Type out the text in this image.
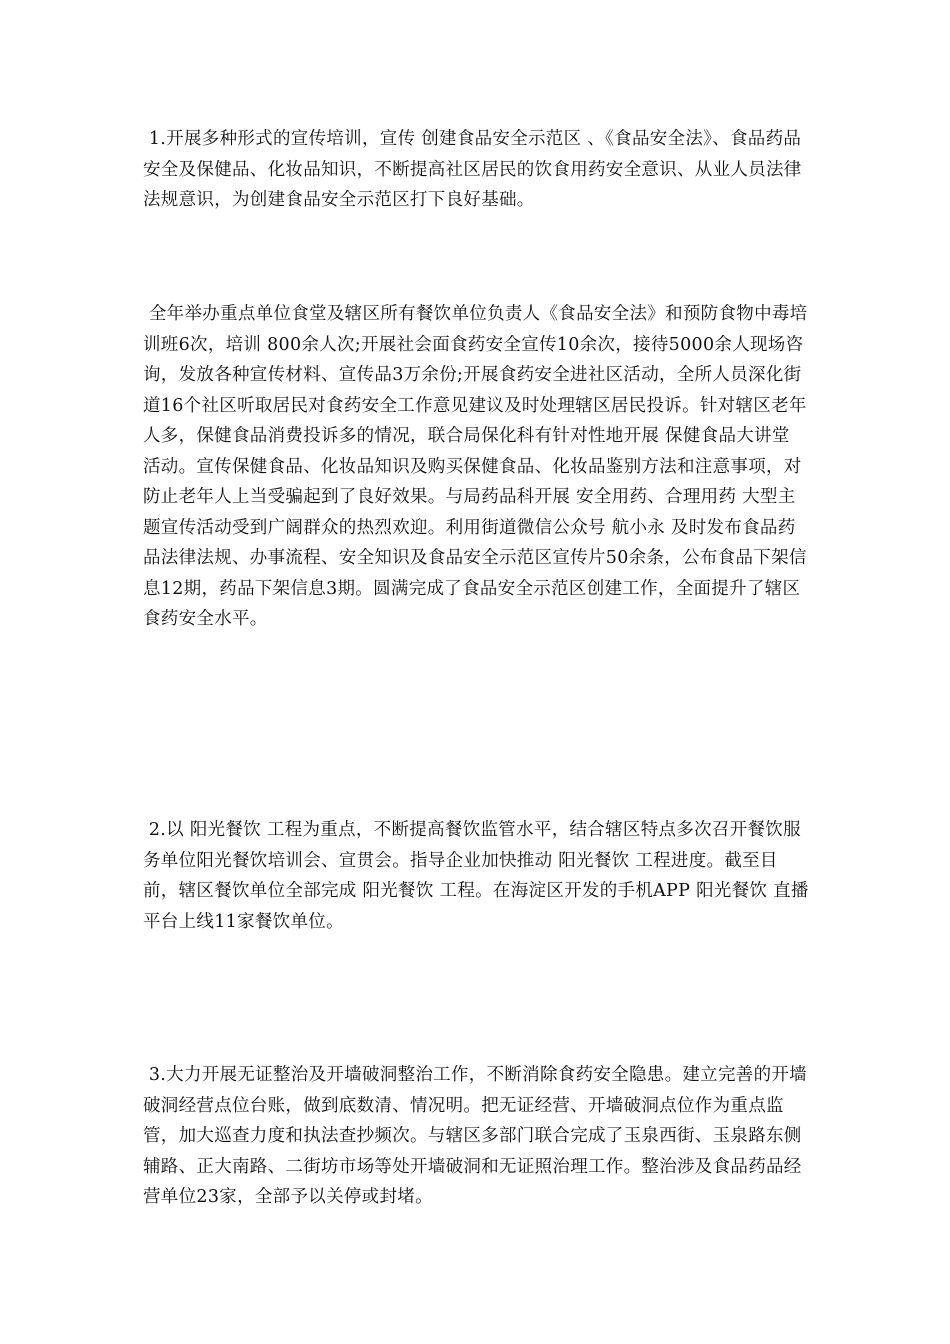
1.开展多种形式的宣传培训，宣传 创建食品安全示范区 、《食品安全法》、食品药品安全及保健品、化妆品知识，不断提高社区居民的饮食用药安全意识、从业人员法律法规意识，为创建食品安全示范区打下良好基础。

全年举办重点单位食堂及辖区所有餐饮单位负责人《食品安全法》和预防食物中毒培训班6次，培训 800余人次;开展社会面食药安全宣传10余次，接待5000余人现场咨询，发放各种宣传材料、宣传品3万余份;开展食药安全进社区活动，全所人员深化街道16个社区听取居民对食药安全工作意见建议及时处理辖区居民投诉。针对辖区老年人多，保健食品消费投诉多的情况，联合局保化科有针对性地开展 保健食品大讲堂 活动。宣传保健食品、化妆品知识及购买保健食品、化妆品鉴别方法和注意事项，对防止老年人上当受骗起到了良好效果。与局药品科开展 安全用药、合理用药 大型主题宣传活动受到广阔群众的热烈欢迎。利用街道微信公众号 航小永 及时发布食品药品法律法规、办事流程、安全知识及食品安全示范区宣传片50余条，公布食品下架信息12期，药品下架信息3期。圆满完成了食品安全示范区创建工作，全面提升了辖区食药安全水平。

2.以 阳光餐饮 工程为重点，不断提高餐饮监管水平，结合辖区特点多次召开餐饮服务单位阳光餐饮培训会、宣贯会。指导企业加快推动 阳光餐饮 工程进度。截至目前，辖区餐饮单位全部完成 阳光餐饮 工程。在海淀区开发的手机APP 阳光餐饮 直播平台上线11家餐饮单位。

3.大力开展无证整治及开墙破洞整治工作，不断消除食药安全隐患。建立完善的开墙破洞经营点位台账，做到底数清、情况明。把无证经营、开墙破洞点位作为重点监管，加大巡查力度和执法查抄频次。与辖区多部门联合完成了玉泉西街、玉泉路东侧辅路、正大南路、二街坊市场等处开墙破洞和无证照治理工作。整治涉及食品药品经营单位23家，全部予以关停或封堵。
